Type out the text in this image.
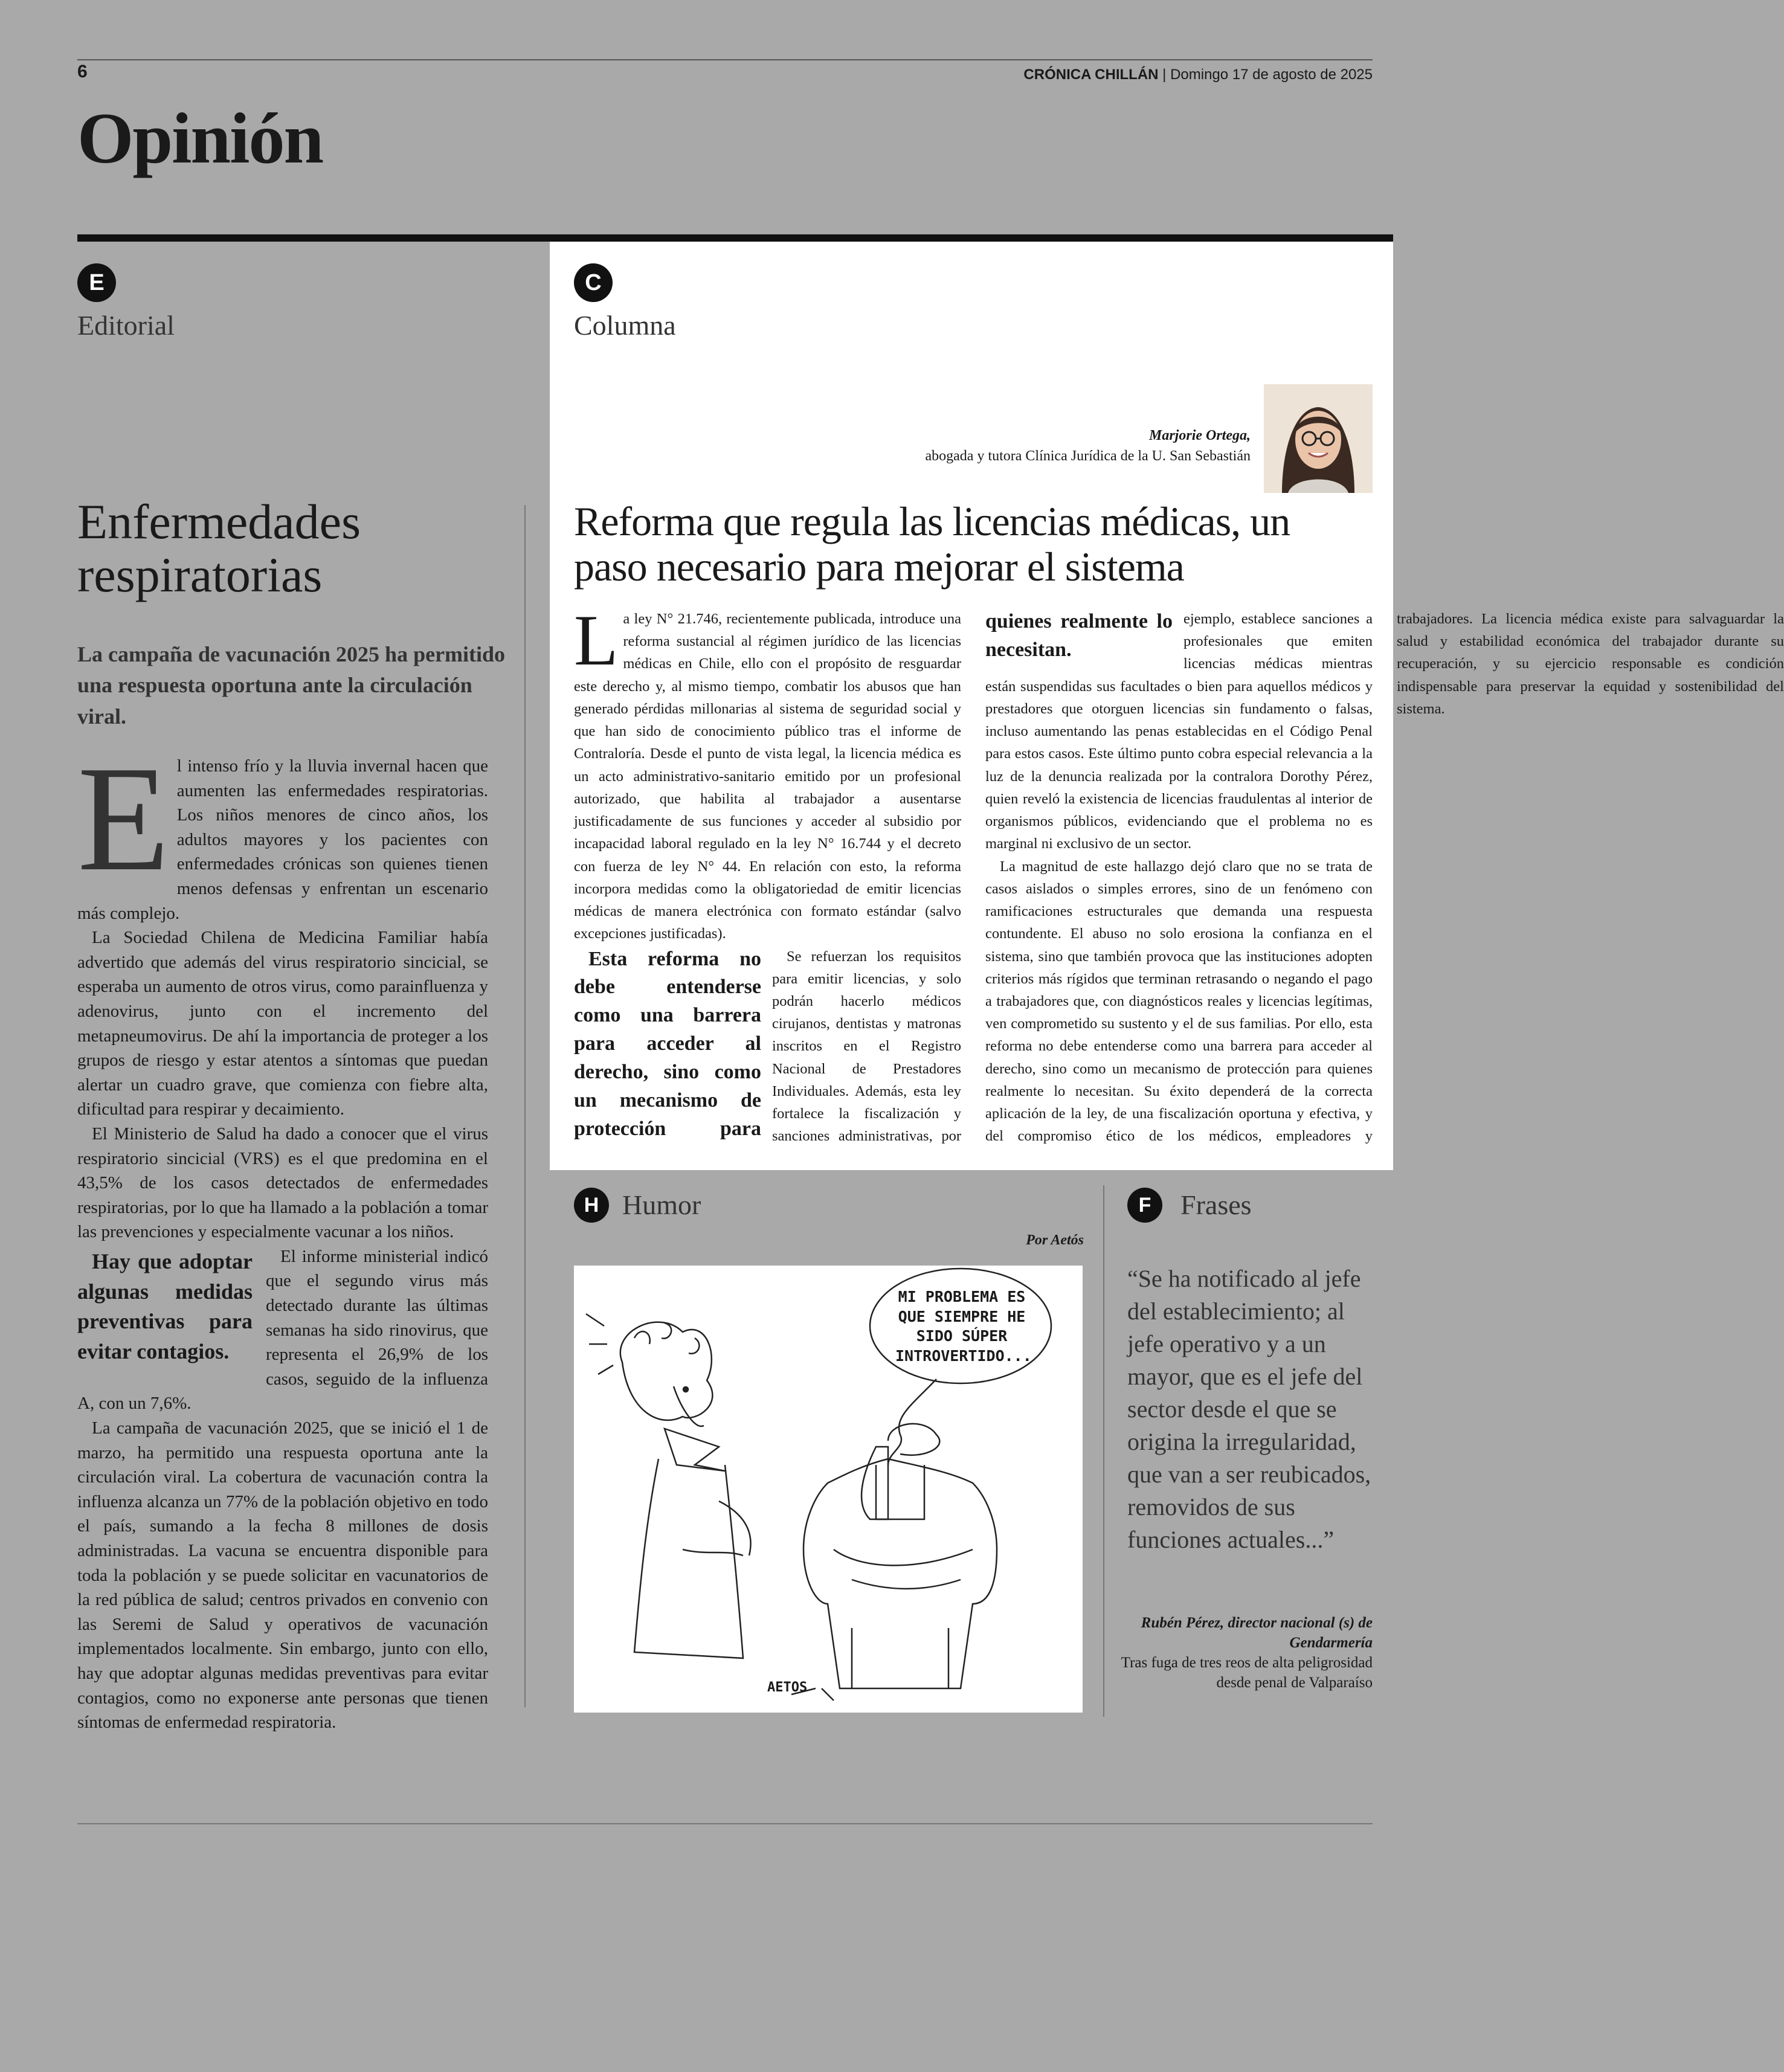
6	CRÓNICA CHILLÁN | Domingo 17 de agosto de 2025
Opinión
E
Editorial
Enfermedades respiratorias
La campaña de vacunación 2025 ha permitido una respuesta oportuna ante la circulación viral.

El intenso frío y la lluvia invernal hacen que aumenten las enfermedades respiratorias. Los niños menores de cinco años, los adultos mayores y los pacientes con enfermedades crónicas son quienes tienen menos defensas y enfrentan un escenario más complejo.

La Sociedad Chilena de Medicina Familiar había advertido que además del virus respiratorio sincicial, se esperaba un aumento de otros virus, como parainfluenza y adenovirus, junto con el incremento del metapneumovirus. De ahí la importancia de proteger a los grupos de riesgo y estar atentos a síntomas que puedan alertar un cuadro grave, que comienza con fiebre alta, dificultad para respirar y decaimiento.

El Ministerio de Salud ha dado a conocer que el virus respiratorio sincicial (VRS) es el que predomina en el 43,5% de los casos detectados de enfermedades respiratorias, por lo que ha llamado a la población a tomar las prevenciones y especialmente vacunar a los niños.

Hay que adoptar algunas medidas preventivas para evitar contagios.
El informe ministerial indicó que el segundo virus más detectado durante las últimas semanas ha sido rinovirus, que representa el 26,9% de los casos, seguido de la influenza A, con un 7,6%.

La campaña de vacunación 2025, que se inició el 1 de marzo, ha permitido una respuesta oportuna ante la circulación viral. La cobertura de vacunación contra la influenza alcanza un 77% de la población objetivo en todo el país, sumando a la fecha 8 millones de dosis administradas. La vacuna se encuentra disponible para toda la población y se puede solicitar en vacunatorios de la red pública de salud; centros privados en convenio con las Seremi de Salud y operativos de vacunación implementados localmente. Sin embargo, junto con ello, hay que adoptar algunas medidas preventivas para evitar contagios, como no exponerse ante personas que tienen síntomas de enfermedad respiratoria.

C
Columna
Marjorie Ortega,
abogada y tutora Clínica Jurídica de la U. San Sebastián
Reforma que regula las licencias médicas, un paso necesario para mejorar el sistema

La ley N° 21.746, recientemente publicada, introduce una reforma sustancial al régimen jurídico de las licencias médicas en Chile, ello con el propósito de resguardar este derecho y, al mismo tiempo, combatir los abusos que han generado pérdidas millonarias al sistema de seguridad social y que han sido de conocimiento público tras el informe de Contraloría. Desde el punto de vista legal, la licencia médica es un acto administrativo-sanitario emitido por un profesional autorizado, que habilita al trabajador a ausentarse justificadamente de sus funciones y acceder al subsidio por incapacidad laboral regulado en la ley N° 16.744 y el decreto con fuerza de ley N° 44. En relación con esto, la reforma incorpora medidas como la obligatoriedad de emitir licencias médicas de manera electrónica con formato estándar (salvo excepciones justificadas).

Esta reforma no debe entenderse como una barrera para acceder al derecho, sino como un mecanismo de protección para quienes realmente lo necesitan.
Se refuerzan los requisitos para emitir licencias, y solo podrán hacerlo médicos cirujanos, dentistas y matronas inscritos en el Registro Nacional de Prestadores Individuales. Además, esta ley fortalece la fiscalización y sanciones administrativas, por ejemplo, establece sanciones a profesionales que emiten licencias médicas mientras están suspendidas sus facultades o bien para aquellos médicos y prestadores que otorguen licencias sin fundamento o falsas, incluso aumentando las penas establecidas en el Código Penal para estos casos. Este último punto cobra especial relevancia a la luz de la denuncia realizada por la contralora Dorothy Pérez, quien reveló la existencia de licencias fraudulentas al interior de organismos públicos, evidenciando que el problema no es marginal ni exclusivo de un sector.

La magnitud de este hallazgo dejó claro que no se trata de casos aislados o simples errores, sino de un fenómeno con ramificaciones estructurales que demanda una respuesta contundente. El abuso no solo erosiona la confianza en el sistema, sino que también provoca que las instituciones adopten criterios más rígidos que terminan retrasando o negando el pago a trabajadores que, con diagnósticos reales y licencias legítimas, ven comprometido su sustento y el de sus familias. Por ello, esta reforma no debe entenderse como una barrera para acceder al derecho, sino como un mecanismo de protección para quienes realmente lo necesitan. Su éxito dependerá de la correcta aplicación de la ley, de una fiscalización oportuna y efectiva, y del compromiso ético de los médicos, empleadores y trabajadores. La licencia médica existe para salvaguardar la salud y estabilidad económica del trabajador durante su recuperación, y su ejercicio responsable es condición indispensable para preservar la equidad y sostenibilidad del sistema.

H Humor
Por Aetós
MI PROBLEMA ES QUE SIEMPRE HE SIDO SÚPER INTROVERTIDO...
AETOS
F	Frases
“Se ha notificado al jefe del establecimiento; al jefe operativo y a un mayor, que es el jefe del sector desde el que se origina la irregularidad, que van a ser reubicados, removidos de sus funciones actuales...”
Rubén Pérez, director nacional (s) de Gendarmería
Tras fuga de tres reos de alta peligrosidad desde penal de Valparaíso
